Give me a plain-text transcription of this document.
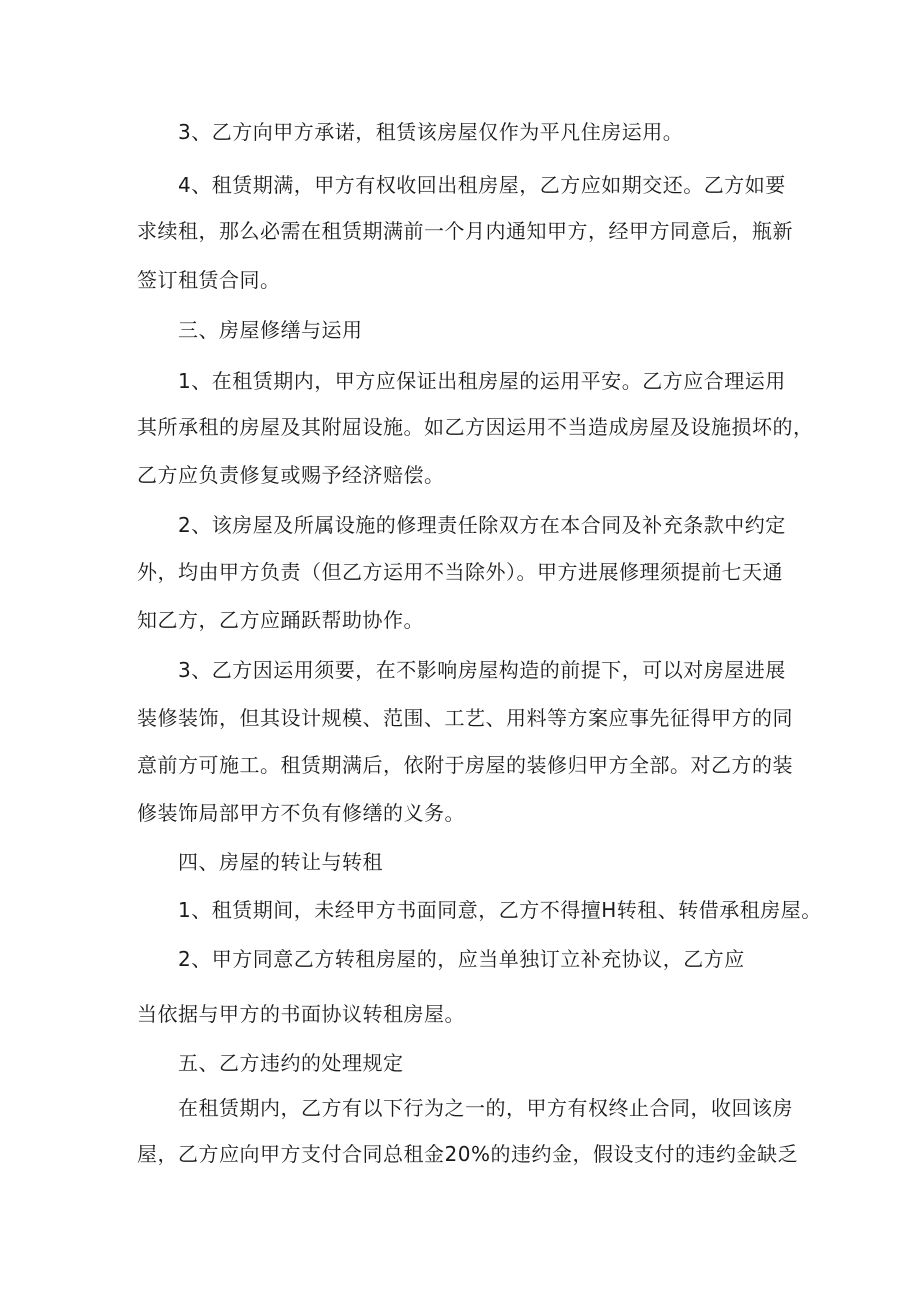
3、乙方向甲方承诺，租赁该房屋仅作为平凡住房运用。
4、租赁期满，甲方有权收回出租房屋，乙方应如期交还。乙方如要
求续租，那么必需在租赁期满前一个月内通知甲方，经甲方同意后，瓶新
签订租赁合同。
三、房屋修缮与运用
1、在租赁期内，甲方应保证出租房屋的运用平安。乙方应合理运用
其所承租的房屋及其附屈设施。如乙方因运用不当造成房屋及设施损坏的，
乙方应负责修复或赐予经济赔偿。
2、该房屋及所属设施的修理责任除双方在本合同及补充条款中约定
外，均由甲方负责（但乙方运用不当除外）。甲方进展修理须提前七天通
知乙方，乙方应踊跃帮助协作。
3、乙方因运用须要，在不影响房屋构造的前提下，可以对房屋进展
装修装饰，但其设计规模、范围、工艺、用料等方案应事先征得甲方的同
意前方可施工。租赁期满后，依附于房屋的装修归甲方全部。对乙方的装
修装饰局部甲方不负有修缮的义务。
四、房屋的转让与转租
1、租赁期间，未经甲方书面同意，乙方不得擅H转租、转借承租房屋。
2、甲方同意乙方转租房屋的，应当单独订立补充协议，乙方应
当依据与甲方的书面协议转租房屋。
五、乙方违约的处理规定
在租赁期内，乙方有以下行为之一的，甲方有权终止合同，收回该房
屋，乙方应向甲方支付合同总租金20%的违约金，假设支付的违约金缺乏
